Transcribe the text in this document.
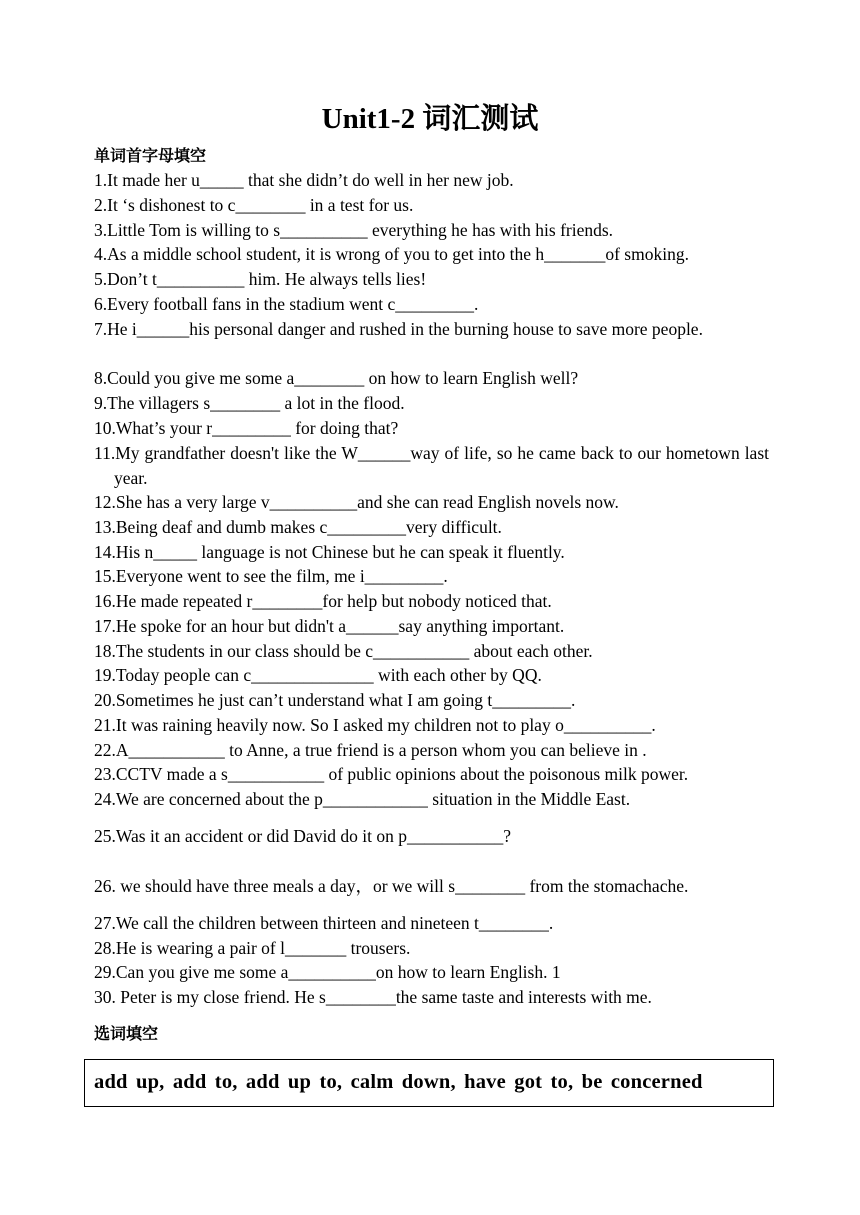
Unit1-2 词汇测试
单词首字母填空
1.It made her u_____ that she didn’t do well in her new job.
2.It ‘s dishonest to c________ in a test for us.
3.Little Tom is willing to s__________ everything he has with his friends.
4.As a middle school student, it is wrong of you to get into the h_______of smoking.
5.Don’t t__________ him. He always tells lies!
6.Every football fans in the stadium went c_________.
7.He i______his personal danger and rushed in the burning house to save more people.
8.Could you give me some a________ on how to learn English well?
9.The villagers s________ a lot in the flood.
10.What’s your r_________ for doing that?
11.My grandfather doesn't like the W______way of life, so he came back to our hometown last year.
12.She has a very large v__________and she can read English novels now.
13.Being deaf and dumb makes c_________very difficult.
14.His n_____ language is not Chinese but he can speak it fluently.
15.Everyone went to see the film, me i_________.
16.He made repeated r________for help but nobody noticed that.
17.He spoke for an hour but didn't a______say anything important.
18.The students in our class should be c___________ about each other.
19.Today people can c______________ with each other by QQ.
20.Sometimes he just can’t understand what I am going t_________.
21.It was raining heavily now. So I asked my children not to play o__________.
22.A___________ to Anne, a true friend is a person whom you can believe in .
23.CCTV made a s___________ of public opinions about the poisonous milk power.
24.We are concerned about the p____________ situation in the Middle East.
25.Was it an accident or did David do it on p___________?
26. we should have three meals a day，or we will s________ from the stomachache.
27.We call the children between thirteen and nineteen t________.
28.He is wearing a pair of l_______ trousers.
29.Can you give me some a__________on how to learn English. 1
30. Peter is my close friend. He s________the same taste and interests with me.
选词填空
add up, add to, add up to, calm down, have got to, be concerned
